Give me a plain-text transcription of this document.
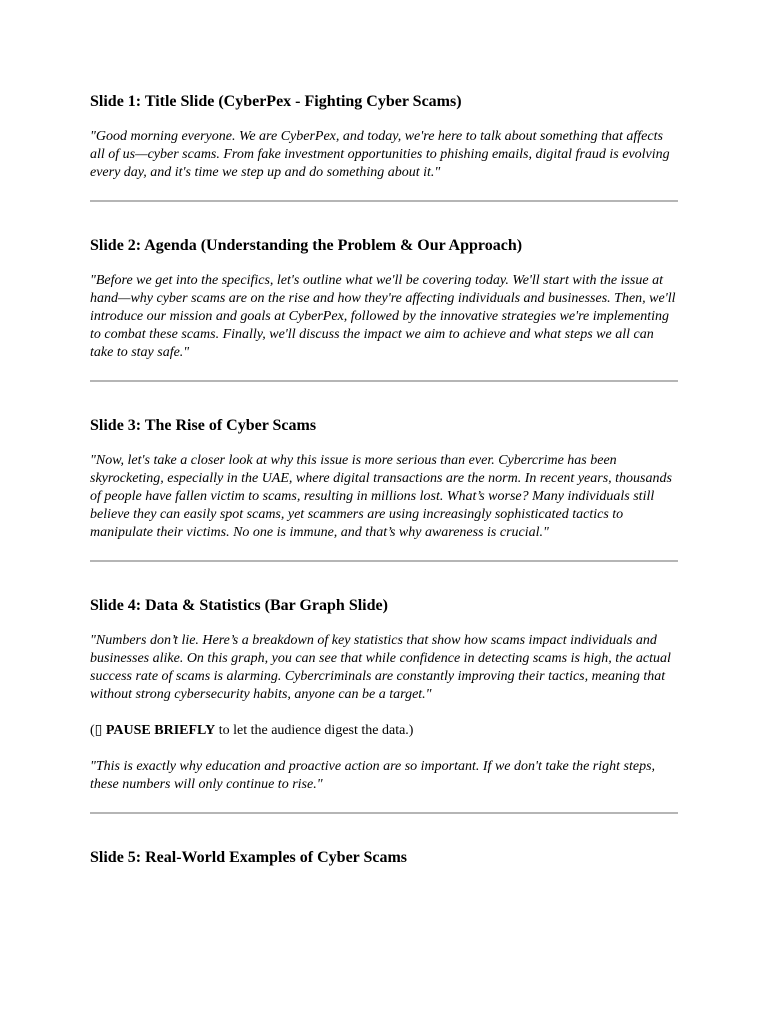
Slide 1: Title Slide (CyberPex - Fighting Cyber Scams)

"Good morning everyone. We are CyberPex, and today, we're here to talk about something that affects all of us—cyber scams. From fake investment opportunities to phishing emails, digital fraud is evolving every day, and it's time we step up and do something about it."

Slide 2: Agenda (Understanding the Problem & Our Approach)

"Before we get into the specifics, let's outline what we'll be covering today. We'll start with the issue at hand—why cyber scams are on the rise and how they're affecting individuals and businesses. Then, we'll introduce our mission and goals at CyberPex, followed by the innovative strategies we're implementing to combat these scams. Finally, we'll discuss the impact we aim to achieve and what steps we all can take to stay safe."

Slide 3: The Rise of Cyber Scams

"Now, let's take a closer look at why this issue is more serious than ever. Cybercrime has been skyrocketing, especially in the UAE, where digital transactions are the norm. In recent years, thousands of people have fallen victim to scams, resulting in millions lost. What’s worse? Many individuals still believe they can easily spot scams, yet scammers are using increasingly sophisticated tactics to manipulate their victims. No one is immune, and that’s why awareness is crucial."

Slide 4: Data & Statistics (Bar Graph Slide)

"Numbers don’t lie. Here’s a breakdown of key statistics that show how scams impact individuals and businesses alike. On this graph, you can see that while confidence in detecting scams is high, the actual success rate of scams is alarming. Cybercriminals are constantly improving their tactics, meaning that without strong cybersecurity habits, anyone can be a target."

(▯ PAUSE BRIEFLY to let the audience digest the data.)

"This is exactly why education and proactive action are so important. If we don't take the right steps, these numbers will only continue to rise."

Slide 5: Real-World Examples of Cyber Scams
